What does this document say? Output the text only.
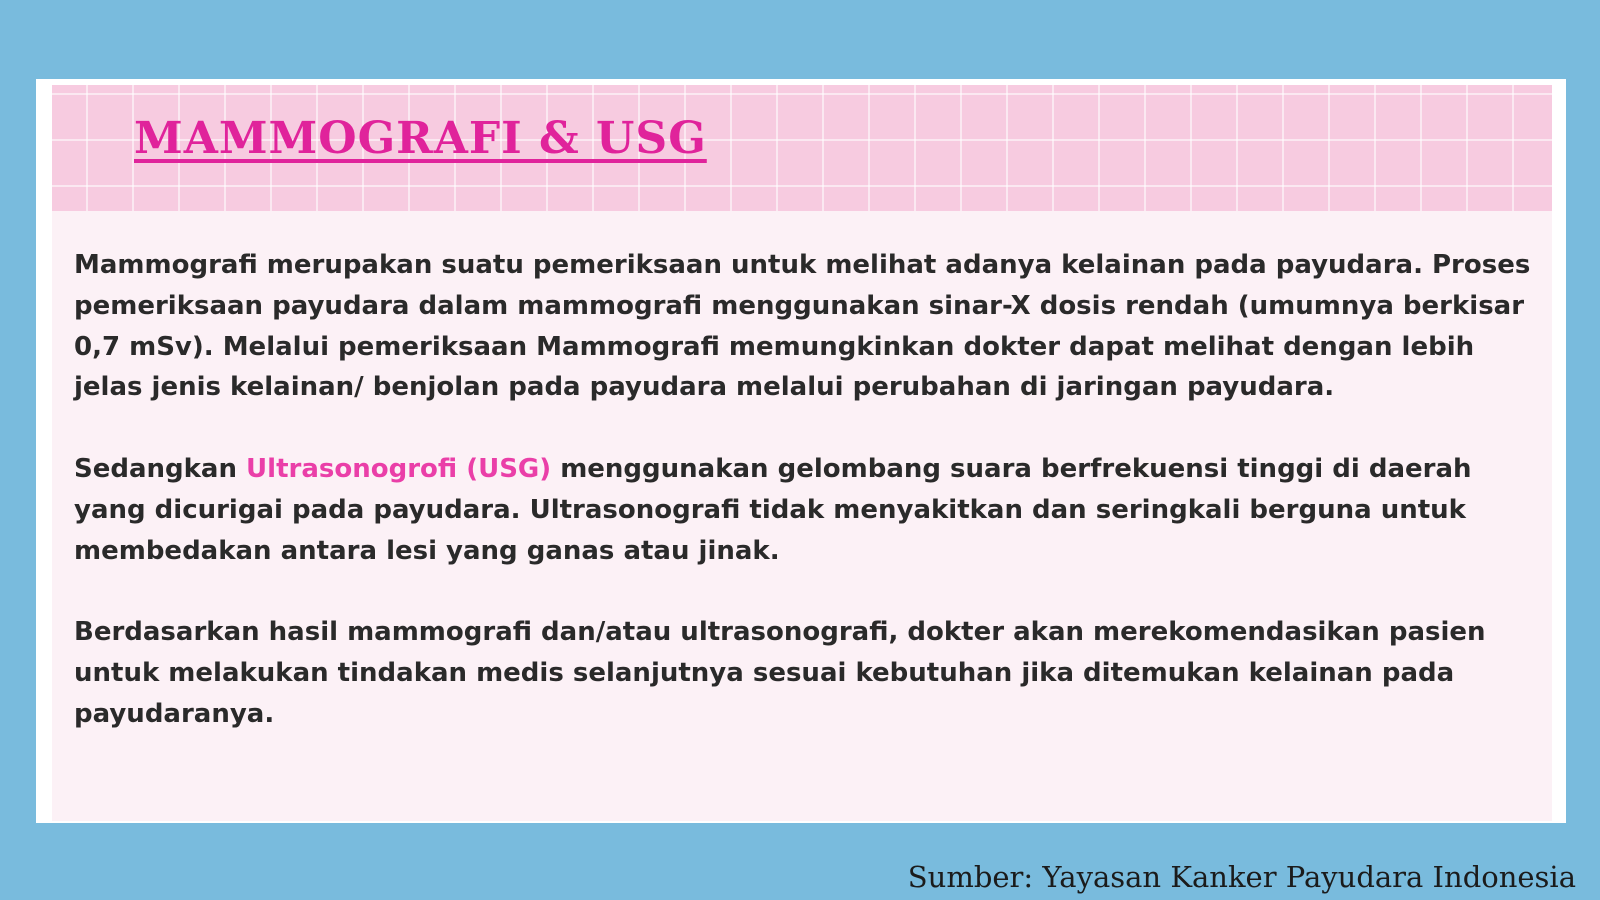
MAMMOGRAFI & USG

Mammografi merupakan suatu pemeriksaan untuk melihat adanya kelainan pada payudara. Proses pemeriksaan payudara dalam mammografi menggunakan sinar-X dosis rendah (umumnya berkisar 0,7 mSv). Melalui pemeriksaan Mammografi memungkinkan dokter dapat melihat dengan lebih jelas jenis kelainan/ benjolan pada payudara melalui perubahan di jaringan payudara.

Sedangkan Ultrasonogrofi (USG) menggunakan gelombang suara berfrekuensi tinggi di daerah yang dicurigai pada payudara. Ultrasonografi tidak menyakitkan dan seringkali berguna untuk membedakan antara lesi yang ganas atau jinak.

Berdasarkan hasil mammografi dan/atau ultrasonografi, dokter akan merekomendasikan pasien untuk melakukan tindakan medis selanjutnya sesuai kebutuhan jika ditemukan kelainan pada payudaranya.

Sumber: Yayasan Kanker Payudara Indonesia
